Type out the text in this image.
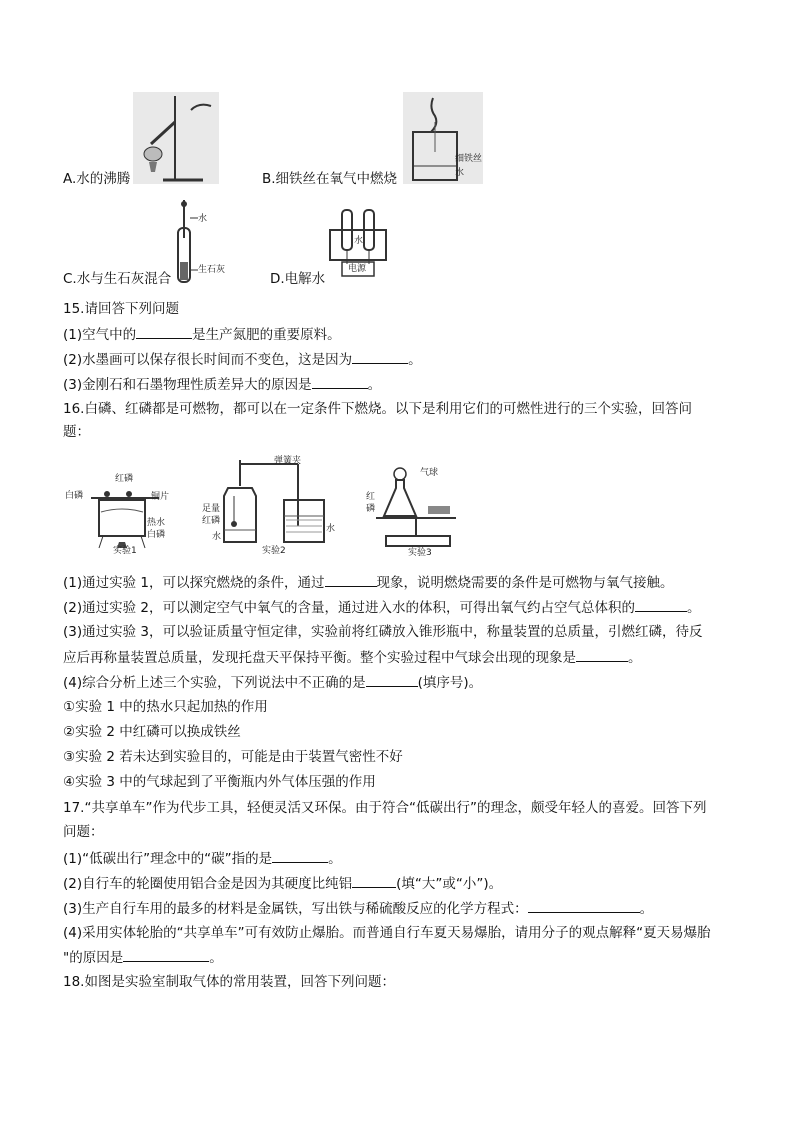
A.水的沸腾
细铁丝
水
B.细铁丝在氧气中燃烧
水
生石灰
C.水与生石灰混合
水
电源
D.电解水
15.请回答下列问题
(1)空气中的	是生产氮肥的重要原料。
(2)水墨画可以保存很长时间而不变色，这是因为	。
(3)金刚石和石墨物理性质差异大的原因是	。
16.白磷、红磷都是可燃物，都可以在一定条件下燃烧。以下是利用它们的可燃性进行的三个实验，回答问
题：
红磷
白磷	铜片
热水
白磷
实验1
弹簧夹
足量
红磷
水
水
实验2
气球
红
磷
实验3
(1)通过实验 1，可以探究燃烧的条件，通过	现象，说明燃烧需要的条件是可燃物与氧气接触。
(2)通过实验 2，可以测定空气中氧气的含量，通过进入水的体积，可得出氧气约占空气总体积的	。
(3)通过实验 3，可以验证质量守恒定律，实验前将红磷放入锥形瓶中，称量装置的总质量，引燃红磷，待反
应后再称量装置总质量，发现托盘天平保持平衡。整个实验过程中气球会出现的现象是	。
(4)综合分析上述三个实验，下列说法中不正确的是	(填序号)。
①实验 1 中的热水只起加热的作用
②实验 2 中红磷可以换成铁丝
③实验 2 若未达到实验目的，可能是由于装置气密性不好
④实验 3 中的气球起到了平衡瓶内外气体压强的作用
17.“共享单车”作为代步工具，轻便灵活又环保。由于符合“低碳出行”的理念，颇受年轻人的喜爱。回答下列
问题：
(1)“低碳出行”理念中的“碳”指的是	。
(2)自行车的轮圈使用铝合金是因为其硬度比纯铝	(填“大”或“小”)。
(3)生产自行车用的最多的材料是金属铁，写出铁与稀硫酸反应的化学方程式：	。
(4)采用实体轮胎的“共享单车”可有效防止爆胎。而普通自行车夏天易爆胎，请用分子的观点解释“夏天易爆胎
"的原因是	。
18.如图是实验室制取气体的常用装置，回答下列问题：
